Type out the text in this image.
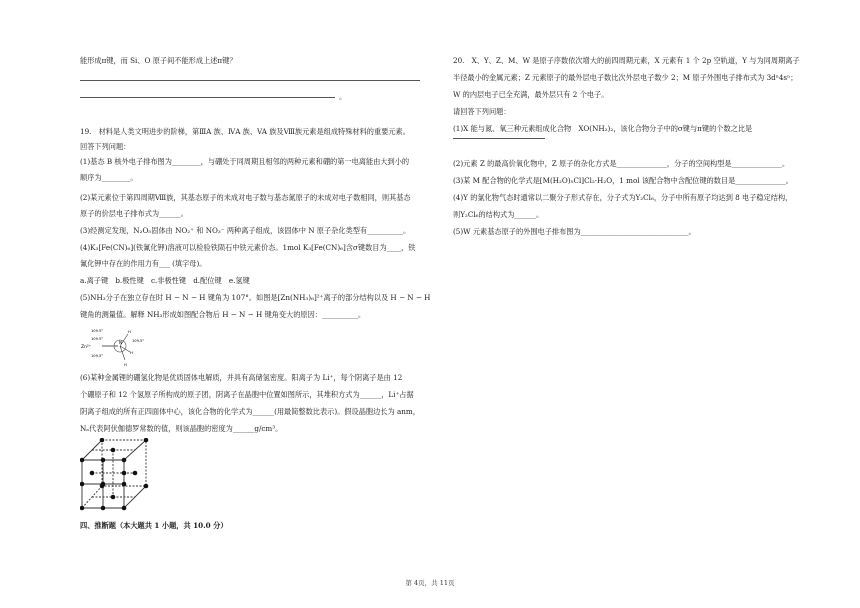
能形成π键，而 Si、O 原子间不能形成上述π键？
。
19.　材料是人类文明进步的阶梯，第ⅢA 族、ⅣA 族、VA 族及Ⅷ族元素是组成特殊材料的重要元素。
回答下列问题：
(1)基态 B 核外电子排布图为________，与硼处于同周期且相邻的两种元素和硼的第一电离能由大到小的
顺序为________。
(2)某元素位于第四周期Ⅷ族，其基态原子的未成对电子数与基态氮原子的未成对电子数相同，则其基态
原子的价层电子排布式为______。
(3)经测定发现，N₂O₅固体由 NO₂⁺ 和 NO₃⁻ 两种离子组成，该固体中 N 原子杂化类型有__________。
(4)K₃[Fe(CN)₆](铁氰化钾)溶液可以检验铁陨石中铁元素价态。1mol K₃[Fe(CN)₆]含σ键数目为____，铁
氰化钾中存在的作用力有___ (填字母)。
a.离子键　b.极性键　c.非极性键　d.配位键　e.氢键
(5)NH₃分子在独立存在时 H − N − H 键角为 107°。如图是[Zn(NH₃)₆]²⁺离子的部分结构以及 H − N − H
键角的测量值。解释 NH₃形成如图配合物后 H − N − H 键角变大的原因：__________。
Zn²⁺
N
H
H
H
109.5°
109.5°
109.5°
109.5°
(6)某种金属锂的硼氢化物是优质固体电解质，并具有高储氢密度。阳离子为 Li⁺，每个阴离子是由 12
个硼原子和 12 个氢原子所构成的原子团，阴离子在晶胞中位置如图所示，其堆积方式为______，Li⁺占据
阴离子组成的所有正四面体中心，该化合物的化学式为______(用最简整数比表示)。假设晶胞边长为 anm，
Nₐ代表阿伏伽德罗常数的值，则该晶胞的密度为______g/cm³。
四、推断题（本大题共 1 小题，共 10.0 分）
20.　X、Y、Z、M、W 是原子序数依次增大的前四周期元素，X 元素有 1 个 2p 空轨道，Y 与为同周期离子
半径最小的金属元素；Z 元素原子的最外层电子数比次外层电子数少 2；M 原子外围电子排布式为 3dⁿ4sⁿ；
W 的内层电子已全充满，最外层只有 2 个电子。
请回答下列问题：
(1)X 能与氮、氧三种元素组成化合物　XO(NH₂)₂，该化合物分子中的σ键与π键的个数之比是
(2)元素 Z 的最高价氧化物中，Z 原子的杂化方式是______________，分子的空间构型是______________。
(3)某 M 配合物的化学式是[M(H₂O)₅Cl]Cl₂·H₂O，1 mol 该配合物中含配位键的数目是______________。
(4)Y 的氯化物气态时通常以二聚分子形式存在，分子式为Y₂Cl₆，分子中所有原子均达到 8 电子稳定结构，
则Y₂Cl₆的结构式为______。
(5)W 元素基态原子的外围电子排布图为______________________________。
第 4页，共 11页
